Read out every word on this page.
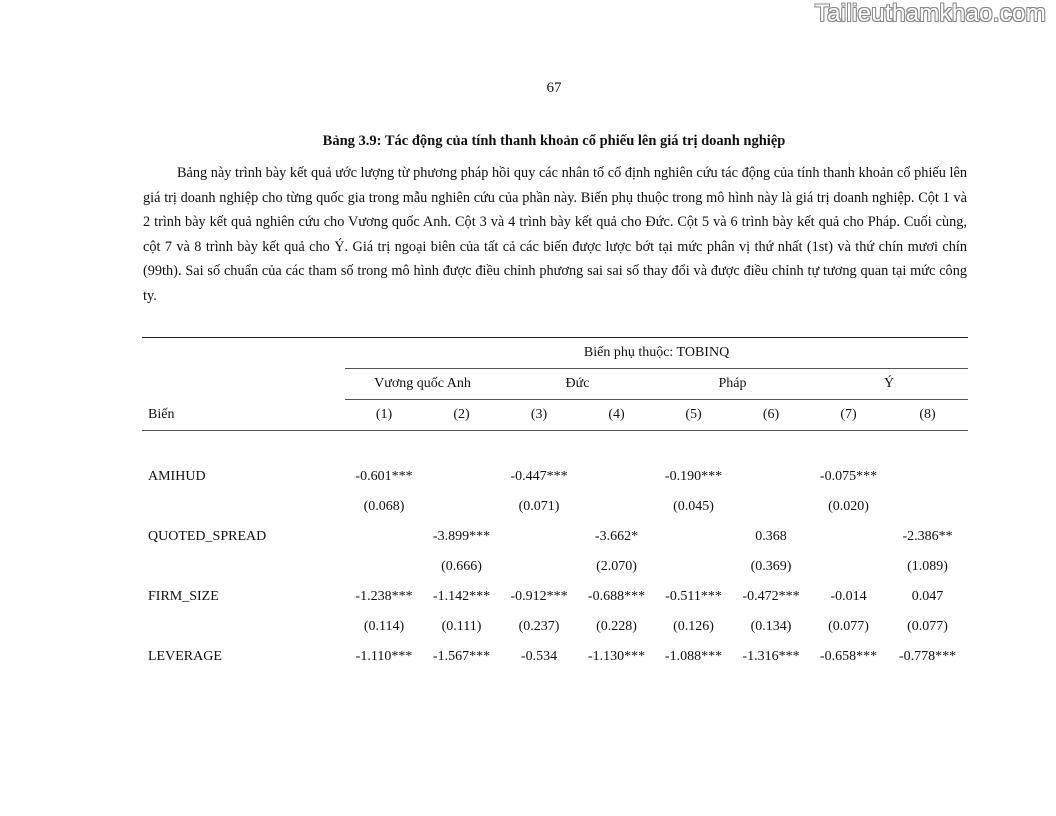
Tailieuthamkhao.com
67
Bảng 3.9: Tác động của tính thanh khoản cổ phiếu lên giá trị doanh nghiệp

Bảng này trình bày kết quả ước lượng từ phương pháp hồi quy các nhân tố cố định nghiên cứu tác động của tính thanh khoản cổ phiếu lên giá trị doanh nghiệp cho từng quốc gia trong mẫu nghiên cứu của phần này. Biến phụ thuộc trong mô hình này là giá trị doanh nghiệp. Cột 1 và 2 trình bày kết quả nghiên cứu cho Vương quốc Anh. Cột 3 và 4 trình bày kết quả cho Đức. Cột 5 và 6 trình bày kết quả cho Pháp. Cuối cùng, cột 7 và 8 trình bày kết quả cho Ý. Giá trị ngoại biên của tất cả các biến được lược bớt tại mức phân vị thứ nhất (1st) và thứ chín mươi chín (99th). Sai số chuẩn của các tham số trong mô hình được điều chỉnh phương sai sai số thay đổi và được điều chỉnh tự tương quan tại mức công ty.

	Biến phụ thuộc: TOBINQ							
	Vương quốc Anh		Đức		Pháp		Ý	
Biến	(1)	(2)	(3)	(4)	(5)	(6)	(7)	(8)

AMIHUD	-0.601***		-0.447***		-0.190***		-0.075***	
	(0.068)		(0.071)		(0.045)		(0.020)	
QUOTED_SPREAD		-3.899***		-3.662*		0.368		-2.386**
		(0.666)		(2.070)		(0.369)		(1.089)
FIRM_SIZE	-1.238***	-1.142***	-0.912***	-0.688***	-0.511***	-0.472***	-0.014	0.047
	(0.114)	(0.111)	(0.237)	(0.228)	(0.126)	(0.134)	(0.077)	(0.077)
LEVERAGE	-1.110***	-1.567***	-0.534	-1.130***	-1.088***	-1.316***	-0.658***	-0.778***
